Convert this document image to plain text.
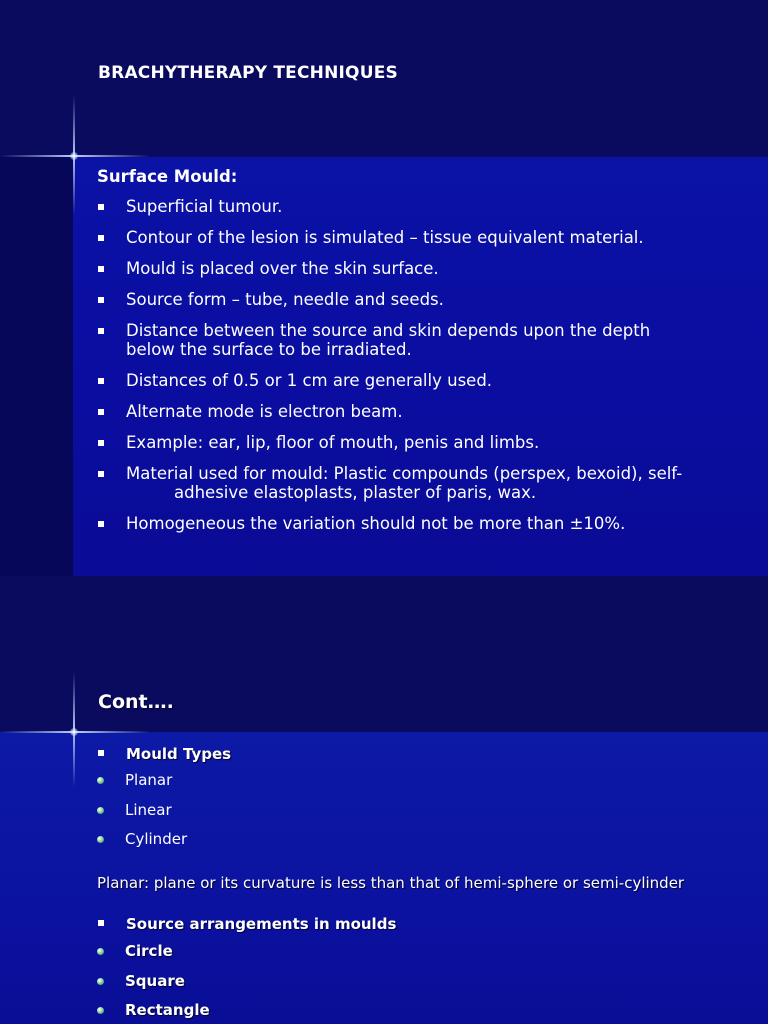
BRACHYTHERAPY TECHNIQUES
Surface Mould:
Superficial tumour.
Contour of the lesion is simulated – tissue equivalent material.
Mould is placed over the skin surface.
Source form – tube, needle and seeds.
Distance between the source and skin depends upon the depth below the surface to be irradiated.
Distances of 0.5 or 1 cm are generally used.
Alternate mode is electron beam.
Example: ear, lip, floor of mouth, penis and limbs.
Material used for mould: Plastic compounds (perspex, bexoid), self-
adhesive elastoplasts, plaster of paris, wax.
Homogeneous the variation should not be more than ±10%.
Cont….
Mould Types
Planar
Linear
Cylinder

Planar: plane or its curvature is less than that of hemi-sphere or semi-cylinder

Source arrangements in moulds
Circle
Square
Rectangle
